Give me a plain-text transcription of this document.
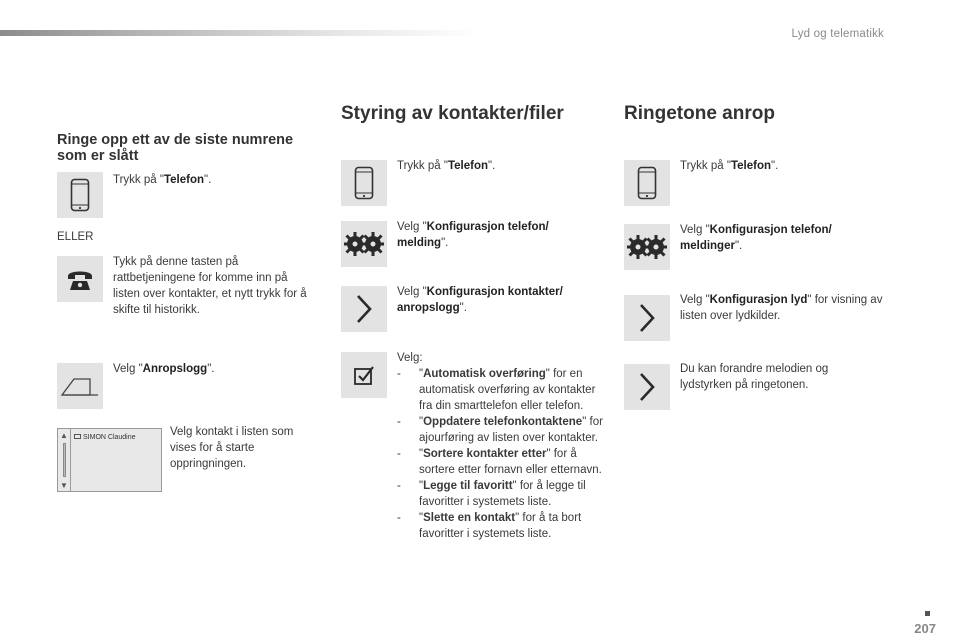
Lyd og telematikk
Ringe opp ett av de siste numrene som er slått
Trykk på "Telefon".
ELLER
Tykk på denne tasten på rattbetjeningene for komme inn på listen over kontakter, et nytt trykk for å skifte til historikk.
Velg "Anropslogg".
▲
▼
SIMON Claudine	Velg kontakt i listen som vises for å starte oppringningen.
Styring av kontakter/filer
Trykk på "Telefon".
Velg "Konfigurasjon telefon/ melding".
Velg "Konfigurasjon kontakter/ anropslogg".
Velg:
- "Automatisk overføring" for en automatisk overføring av kontakter fra din smarttelefon eller telefon.
- "Oppdatere telefonkontaktene" for ajourføring av listen over kontakter.
- "Sortere kontakter etter" for å sortere etter fornavn eller etternavn.
- "Legge til favoritt" for å legge til favoritter i systemets liste.
- "Slette en kontakt" for å ta bort favoritter i systemets liste.
Ringetone anrop
Trykk på "Telefon".
Velg "Konfigurasjon telefon/ meldinger".
Velg "Konfigurasjon lyd" for visning av listen over lydkilder.
Du kan forandre melodien og lydstyrken på ringetonen.
207
